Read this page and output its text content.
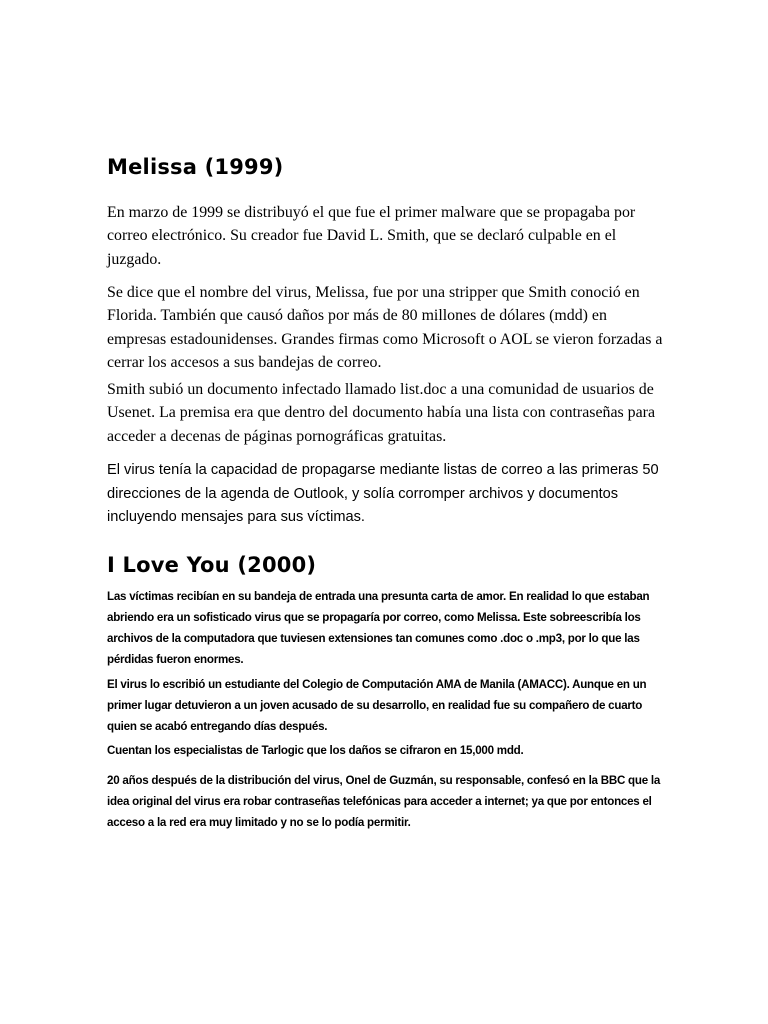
Melissa (1999)

En marzo de 1999 se distribuyó el que fue el primer malware que se propagaba por correo electrónico. Su creador fue David L. Smith, que se declaró culpable en el juzgado.

Se dice que el nombre del virus, Melissa, fue por una stripper que Smith conoció en Florida. También que causó daños por más de 80 millones de dólares (mdd) en empresas estadounidenses. Grandes firmas como Microsoft o AOL se vieron forzadas a cerrar los accesos a sus bandejas de correo.

Smith subió un documento infectado llamado list.doc a una comunidad de usuarios de Usenet. La premisa era que dentro del documento había una lista con contraseñas para acceder a decenas de páginas pornográficas gratuitas.

El virus tenía la capacidad de propagarse mediante listas de correo a las primeras 50 direcciones de la agenda de Outlook, y solía corromper archivos y documentos incluyendo mensajes para sus víctimas.

I Love You (2000)

Las víctimas recibían en su bandeja de entrada una presunta carta de amor. En realidad lo que estaban abriendo era un sofisticado virus que se propagaría por correo, como Melissa. Este sobreescribía los archivos de la computadora que tuviesen extensiones tan comunes como .doc o .mp3, por lo que las pérdidas fueron enormes.

El virus lo escribió un estudiante del Colegio de Computación AMA de Manila (AMACC). Aunque en un primer lugar detuvieron a un joven acusado de su desarrollo, en realidad fue su compañero de cuarto quien se acabó entregando días después.

Cuentan los especialistas de Tarlogic que los daños se cifraron en 15,000 mdd.

20 años después de la distribución del virus, Onel de Guzmán, su responsable, confesó en la BBC que la idea original del virus era robar contraseñas telefónicas para acceder a internet; ya que por entonces el acceso a la red era muy limitado y no se lo podía permitir.
